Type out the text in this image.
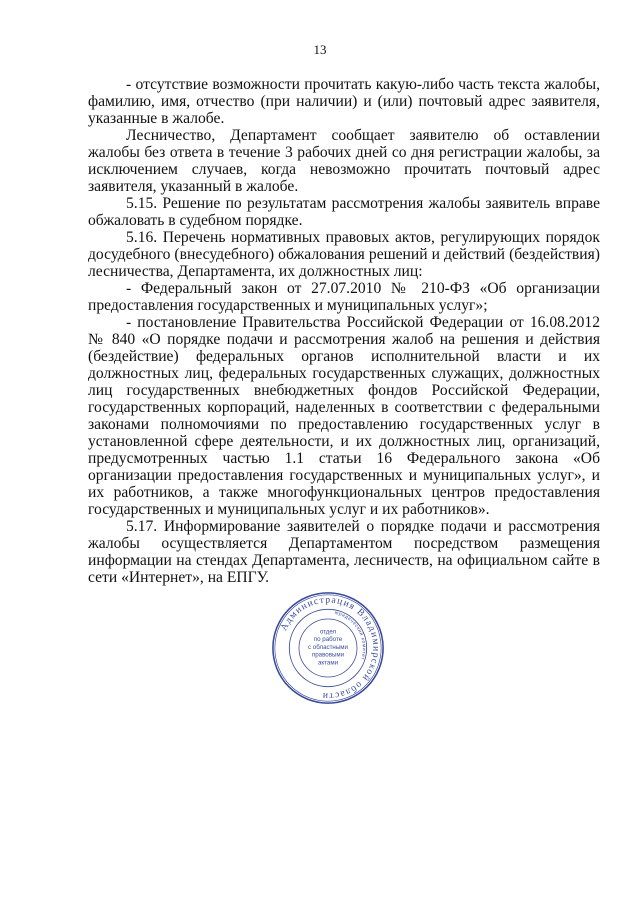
13

- отсутствие возможности прочитать какую-либо часть текста жалобы, фамилию, имя, отчество (при наличии) и (или) почтовый адрес заявителя, указанные в жалобе.

Лесничество, Департамент сообщает заявителю об оставлении жалобы без ответа в течение 3 рабочих дней со дня регистрации жалобы, за исключением случаев, когда невозможно прочитать почтовый адрес заявителя, указанный в жалобе.

5.15. Решение по результатам рассмотрения жалобы заявитель вправе обжаловать в судебном порядке.

5.16. Перечень нормативных правовых актов, регулирующих порядок досудебного (внесудебного) обжалования решений и действий (бездействия) лесничества, Департамента, их должностных лиц:

- Федеральный закон от 27.07.2010 № 210-ФЗ «Об организации предоставления государственных и муниципальных услуг»;

- постановление Правительства Российской Федерации от 16.08.2012 № 840 «О порядке подачи и рассмотрения жалоб на решения и действия (бездействие) федеральных органов исполнительной власти и их должностных лиц, федеральных государственных служащих, должностных лиц государственных внебюджетных фондов Российской Федерации, государственных корпораций, наделенных в соответствии с федеральными законами полномочиями по предоставлению государственных услуг в установленной сфере деятельности, и их должностных лиц, организаций, предусмотренных частью 1.1 статьи 16 Федерального закона «Об организации предоставления государственных и муниципальных услуг», и их работников, а также многофункциональных центров предоставления государственных и муниципальных услуг и их работников».

5.17. Информирование заявителей о порядке подачи и рассмотрения жалобы осуществляется Департаментом посредством размещения информации на стендах Департамента, лесничеств, на официальном сайте в сети «Интернет», на ЕПГУ.

Администрация Владимирской области
юридический комитет
отдел
по работе
с областными
правовыми
актами
